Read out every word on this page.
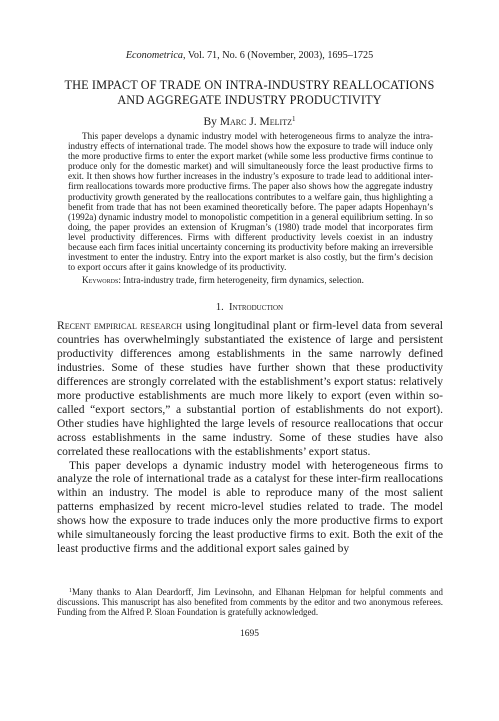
Econometrica, Vol. 71, No. 6 (November, 2003), 1695–1725
THE IMPACT OF TRADE ON INTRA-INDUSTRY REALLOCATIONS
AND AGGREGATE INDUSTRY PRODUCTIVITY
By Marc J. Melitz$^1$
This paper develops a dynamic industry model with heterogeneous firms to analyze the intra-industry effects of international trade. The model shows how the exposure to trade will induce only the more productive firms to enter the export market (while some less productive firms continue to produce only for the domestic market) and will simultaneously force the least productive firms to exit. It then shows how further increases in the industry’s exposure to trade lead to additional inter-firm reallocations towards more productive firms. The paper also shows how the aggregate industry productivity growth generated by the reallocations contributes to a welfare gain, thus highlighting a benefit from trade that has not been examined theoretically before. The paper adapts Hopenhayn’s (1992a) dynamic industry model to monopolistic competition in a general equilibrium setting. In so doing, the paper provides an extension of Krugman’s (1980) trade model that incorporates firm level productivity differences. Firms with different productivity levels coexist in an industry because each firm faces initial uncertainty concerning its productivity before making an irreversible investment to enter the industry. Entry into the export market is also costly, but the firm’s decision to export occurs after it gains knowledge of its productivity.
Keywords: Intra-industry trade, firm heterogeneity, firm dynamics, selection.
1. Introduction

Recent empirical research using longitudinal plant or firm-level data from several countries has overwhelmingly substantiated the existence of large and persistent productivity differences among establishments in the same narrowly defined industries. Some of these studies have further shown that these productivity differences are strongly correlated with the establishment’s export status: relatively more productive establishments are much more likely to export (even within so-called “export sectors,” a substantial portion of establishments do not export). Other studies have highlighted the large levels of resource reallocations that occur across establishments in the same industry. Some of these studies have also correlated these reallocations with the establishments’ export status.

This paper develops a dynamic industry model with heterogeneous firms to analyze the role of international trade as a catalyst for these inter-firm reallocations within an industry. The model is able to reproduce many of the most salient patterns emphasized by recent micro-level studies related to trade. The model shows how the exposure to trade induces only the more productive firms to export while simultaneously forcing the least productive firms to exit. Both the exit of the least productive firms and the additional export sales gained by

$^1$Many thanks to Alan Deardorff, Jim Levinsohn, and Elhanan Helpman for helpful comments and discussions. This manuscript has also benefited from comments by the editor and two anonymous referees. Funding from the Alfred P. Sloan Foundation is gratefully acknowledged.
1695
